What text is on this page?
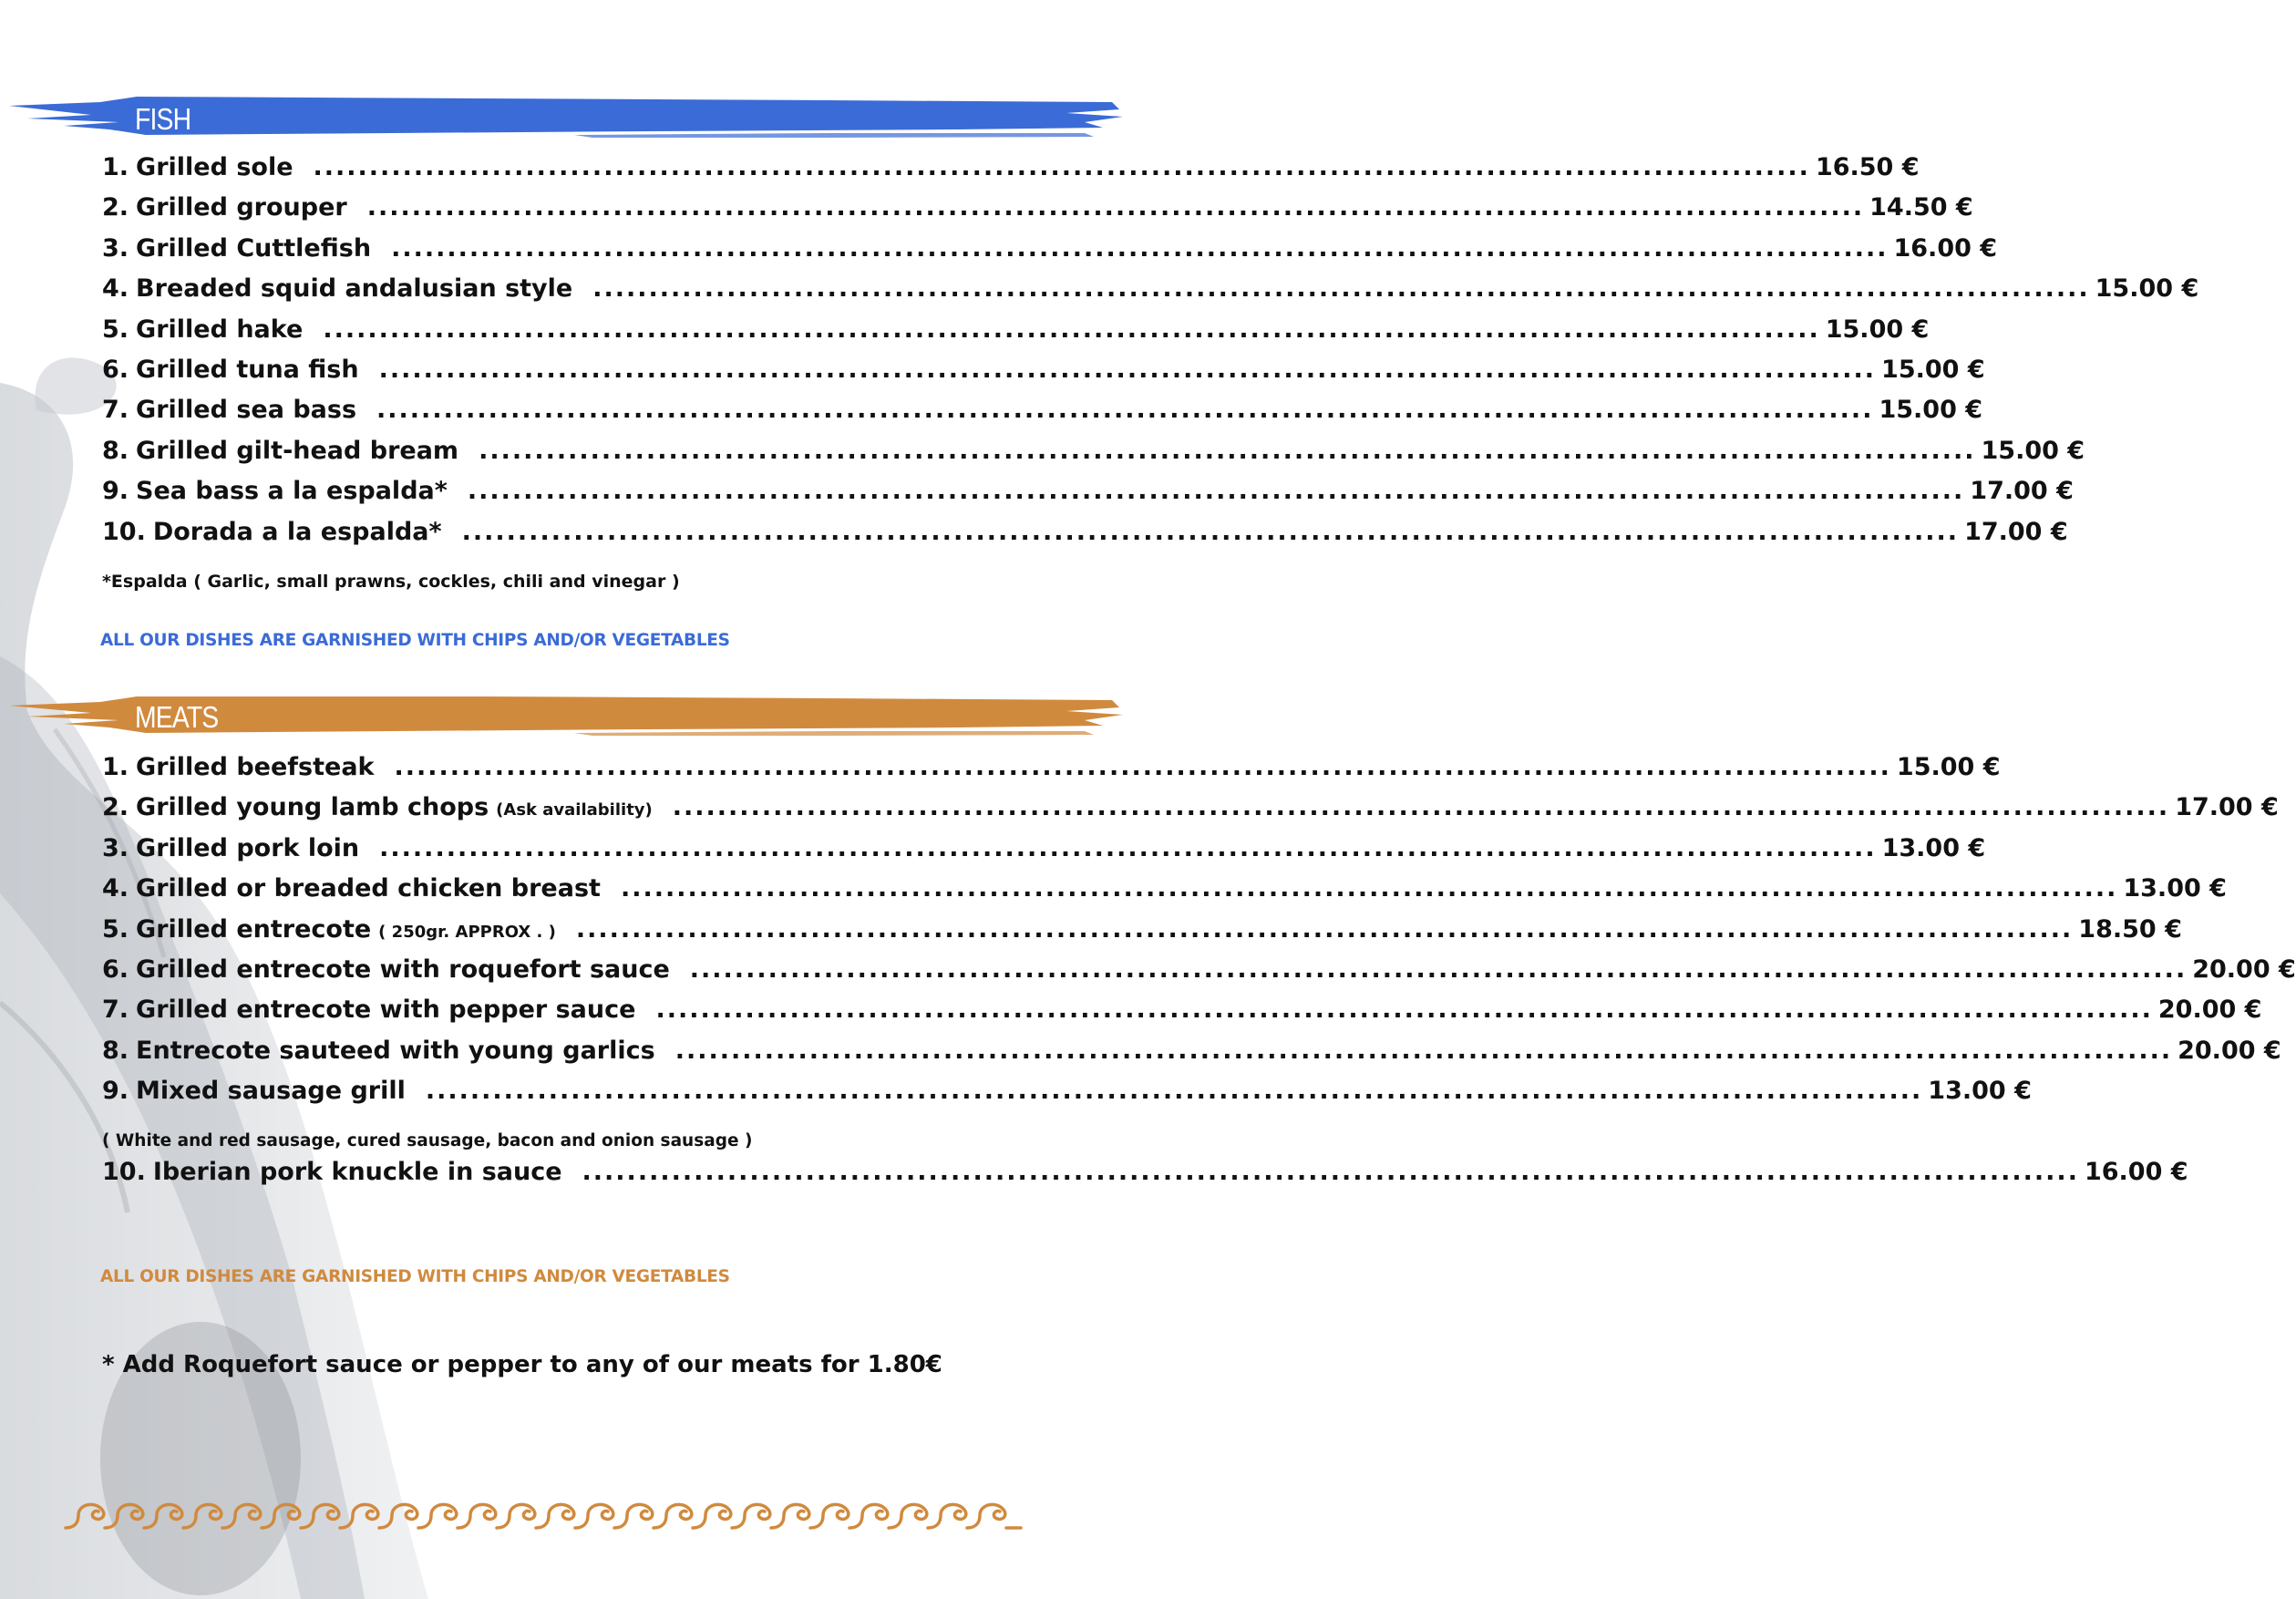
FISH
1. Grilled sole ...................................................................................................................................... 16.50 €
2. Grilled grouper ...................................................................................................................................... 14.50 €
3. Grilled Cuttlefish ...................................................................................................................................... 16.00 €
4. Breaded squid andalusian style ...................................................................................................................................... 15.00 €
5. Grilled hake ...................................................................................................................................... 15.00 €
6. Grilled tuna fish ...................................................................................................................................... 15.00 €
7. Grilled sea bass ...................................................................................................................................... 15.00 €
8. Grilled gilt-head bream ...................................................................................................................................... 15.00 €
9. Sea bass a la espalda* ...................................................................................................................................... 17.00 €
10. Dorada a la espalda* ...................................................................................................................................... 17.00 €
*Espalda ( Garlic, small prawns, cockles, chili and vinegar )
ALL OUR DISHES ARE GARNISHED WITH CHIPS AND/OR VEGETABLES
MEATS
1. Grilled beefsteak ...................................................................................................................................... 15.00 €
2. Grilled young lamb chops (Ask availability) ...................................................................................................................................... 17.00 €
3. Grilled pork loin ...................................................................................................................................... 13.00 €
4. Grilled or breaded chicken breast ...................................................................................................................................... 13.00 €
5. Grilled entrecote ( 250gr. APPROX . ) ...................................................................................................................................... 18.50 €
6. Grilled entrecote with roquefort sauce ...................................................................................................................................... 20.00 €
7. Grilled entrecote with pepper sauce ...................................................................................................................................... 20.00 €
8. Entrecote sauteed with young garlics ...................................................................................................................................... 20.00 €
9. Mixed sausage grill ...................................................................................................................................... 13.00 €
( White and red sausage, cured sausage, bacon and onion sausage )
10. Iberian pork knuckle in sauce ...................................................................................................................................... 16.00 €
ALL OUR DISHES ARE GARNISHED WITH CHIPS AND/OR VEGETABLES
* Add Roquefort sauce or pepper to any of our meats for 1.80€
